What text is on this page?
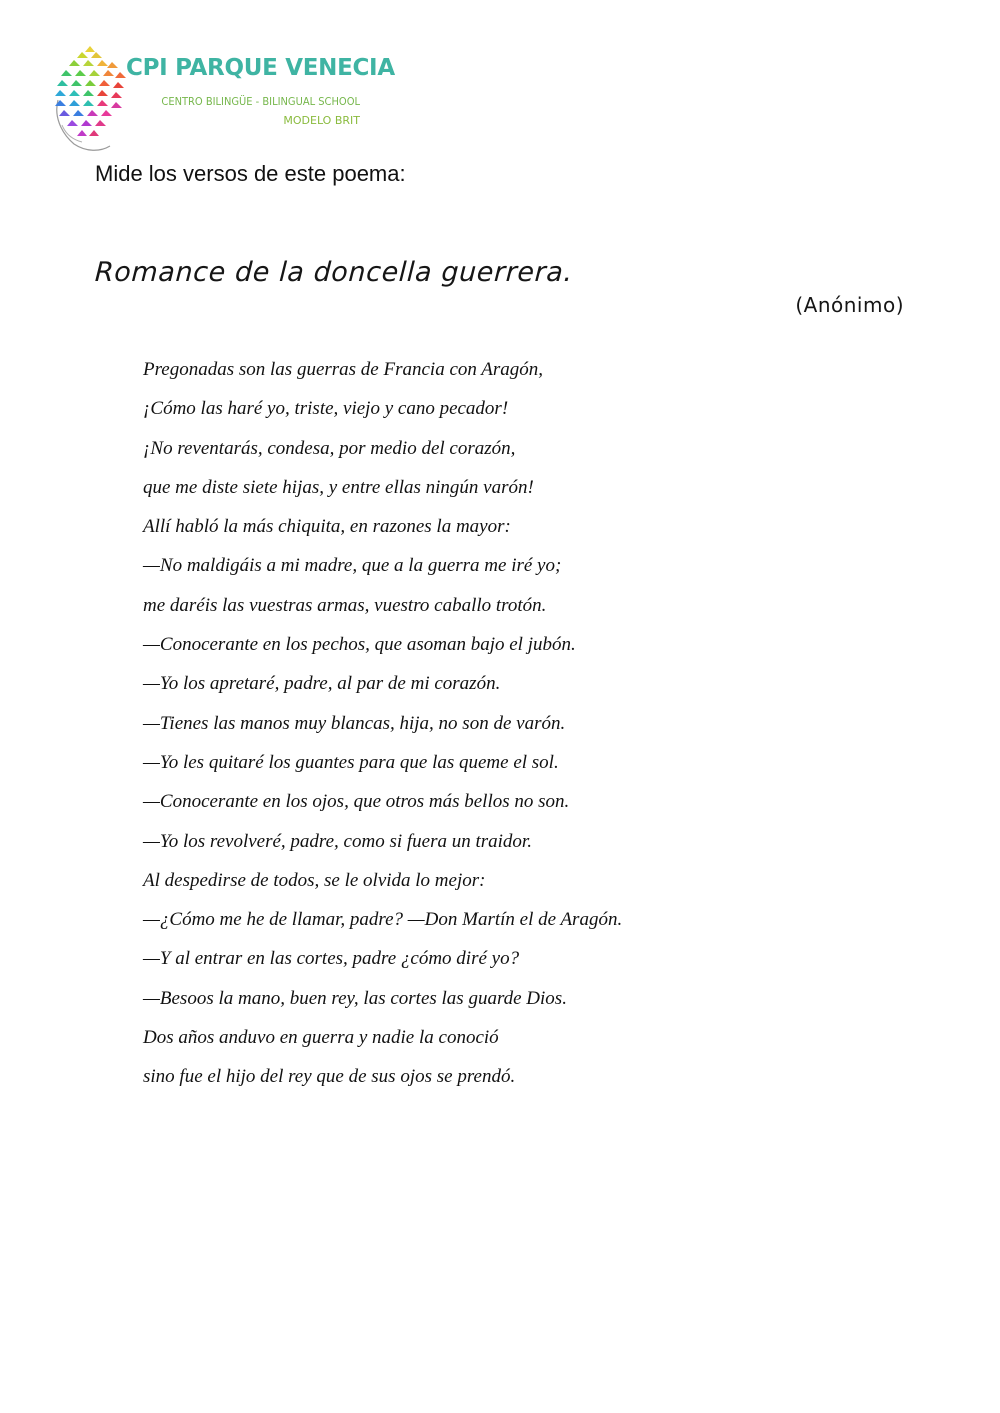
CPI PARQUE VENECIA
CENTRO BILINGÜE - BILINGUAL SCHOOL
MODELO BRIT
Mide los versos de este poema:
Romance de la doncella guerrera.
(Anónimo)
Pregonadas son las guerras de Francia con Aragón,
¡Cómo las haré yo, triste, viejo y cano pecador!
¡No reventarás, condesa, por medio del corazón,
que me diste siete hijas, y entre ellas ningún varón!
Allí habló la más chiquita, en razones la mayor:
—No maldigáis a mi madre, que a la guerra me iré yo;
me daréis las vuestras armas, vuestro caballo trotón.
—Conocerante en los pechos, que asoman bajo el jubón.
—Yo los apretaré, padre, al par de mi corazón.
—Tienes las manos muy blancas, hija, no son de varón.
—Yo les quitaré los guantes para que las queme el sol.
—Conocerante en los ojos, que otros más bellos no son.
—Yo los revolveré, padre, como si fuera un traidor.
Al despedirse de todos, se le olvida lo mejor:
—¿Cómo me he de llamar, padre? —Don Martín el de Aragón.
—Y al entrar en las cortes, padre ¿cómo diré yo?
—Besoos la mano, buen rey, las cortes las guarde Dios.
Dos años anduvo en guerra y nadie la conoció
sino fue el hijo del rey que de sus ojos se prendó.
